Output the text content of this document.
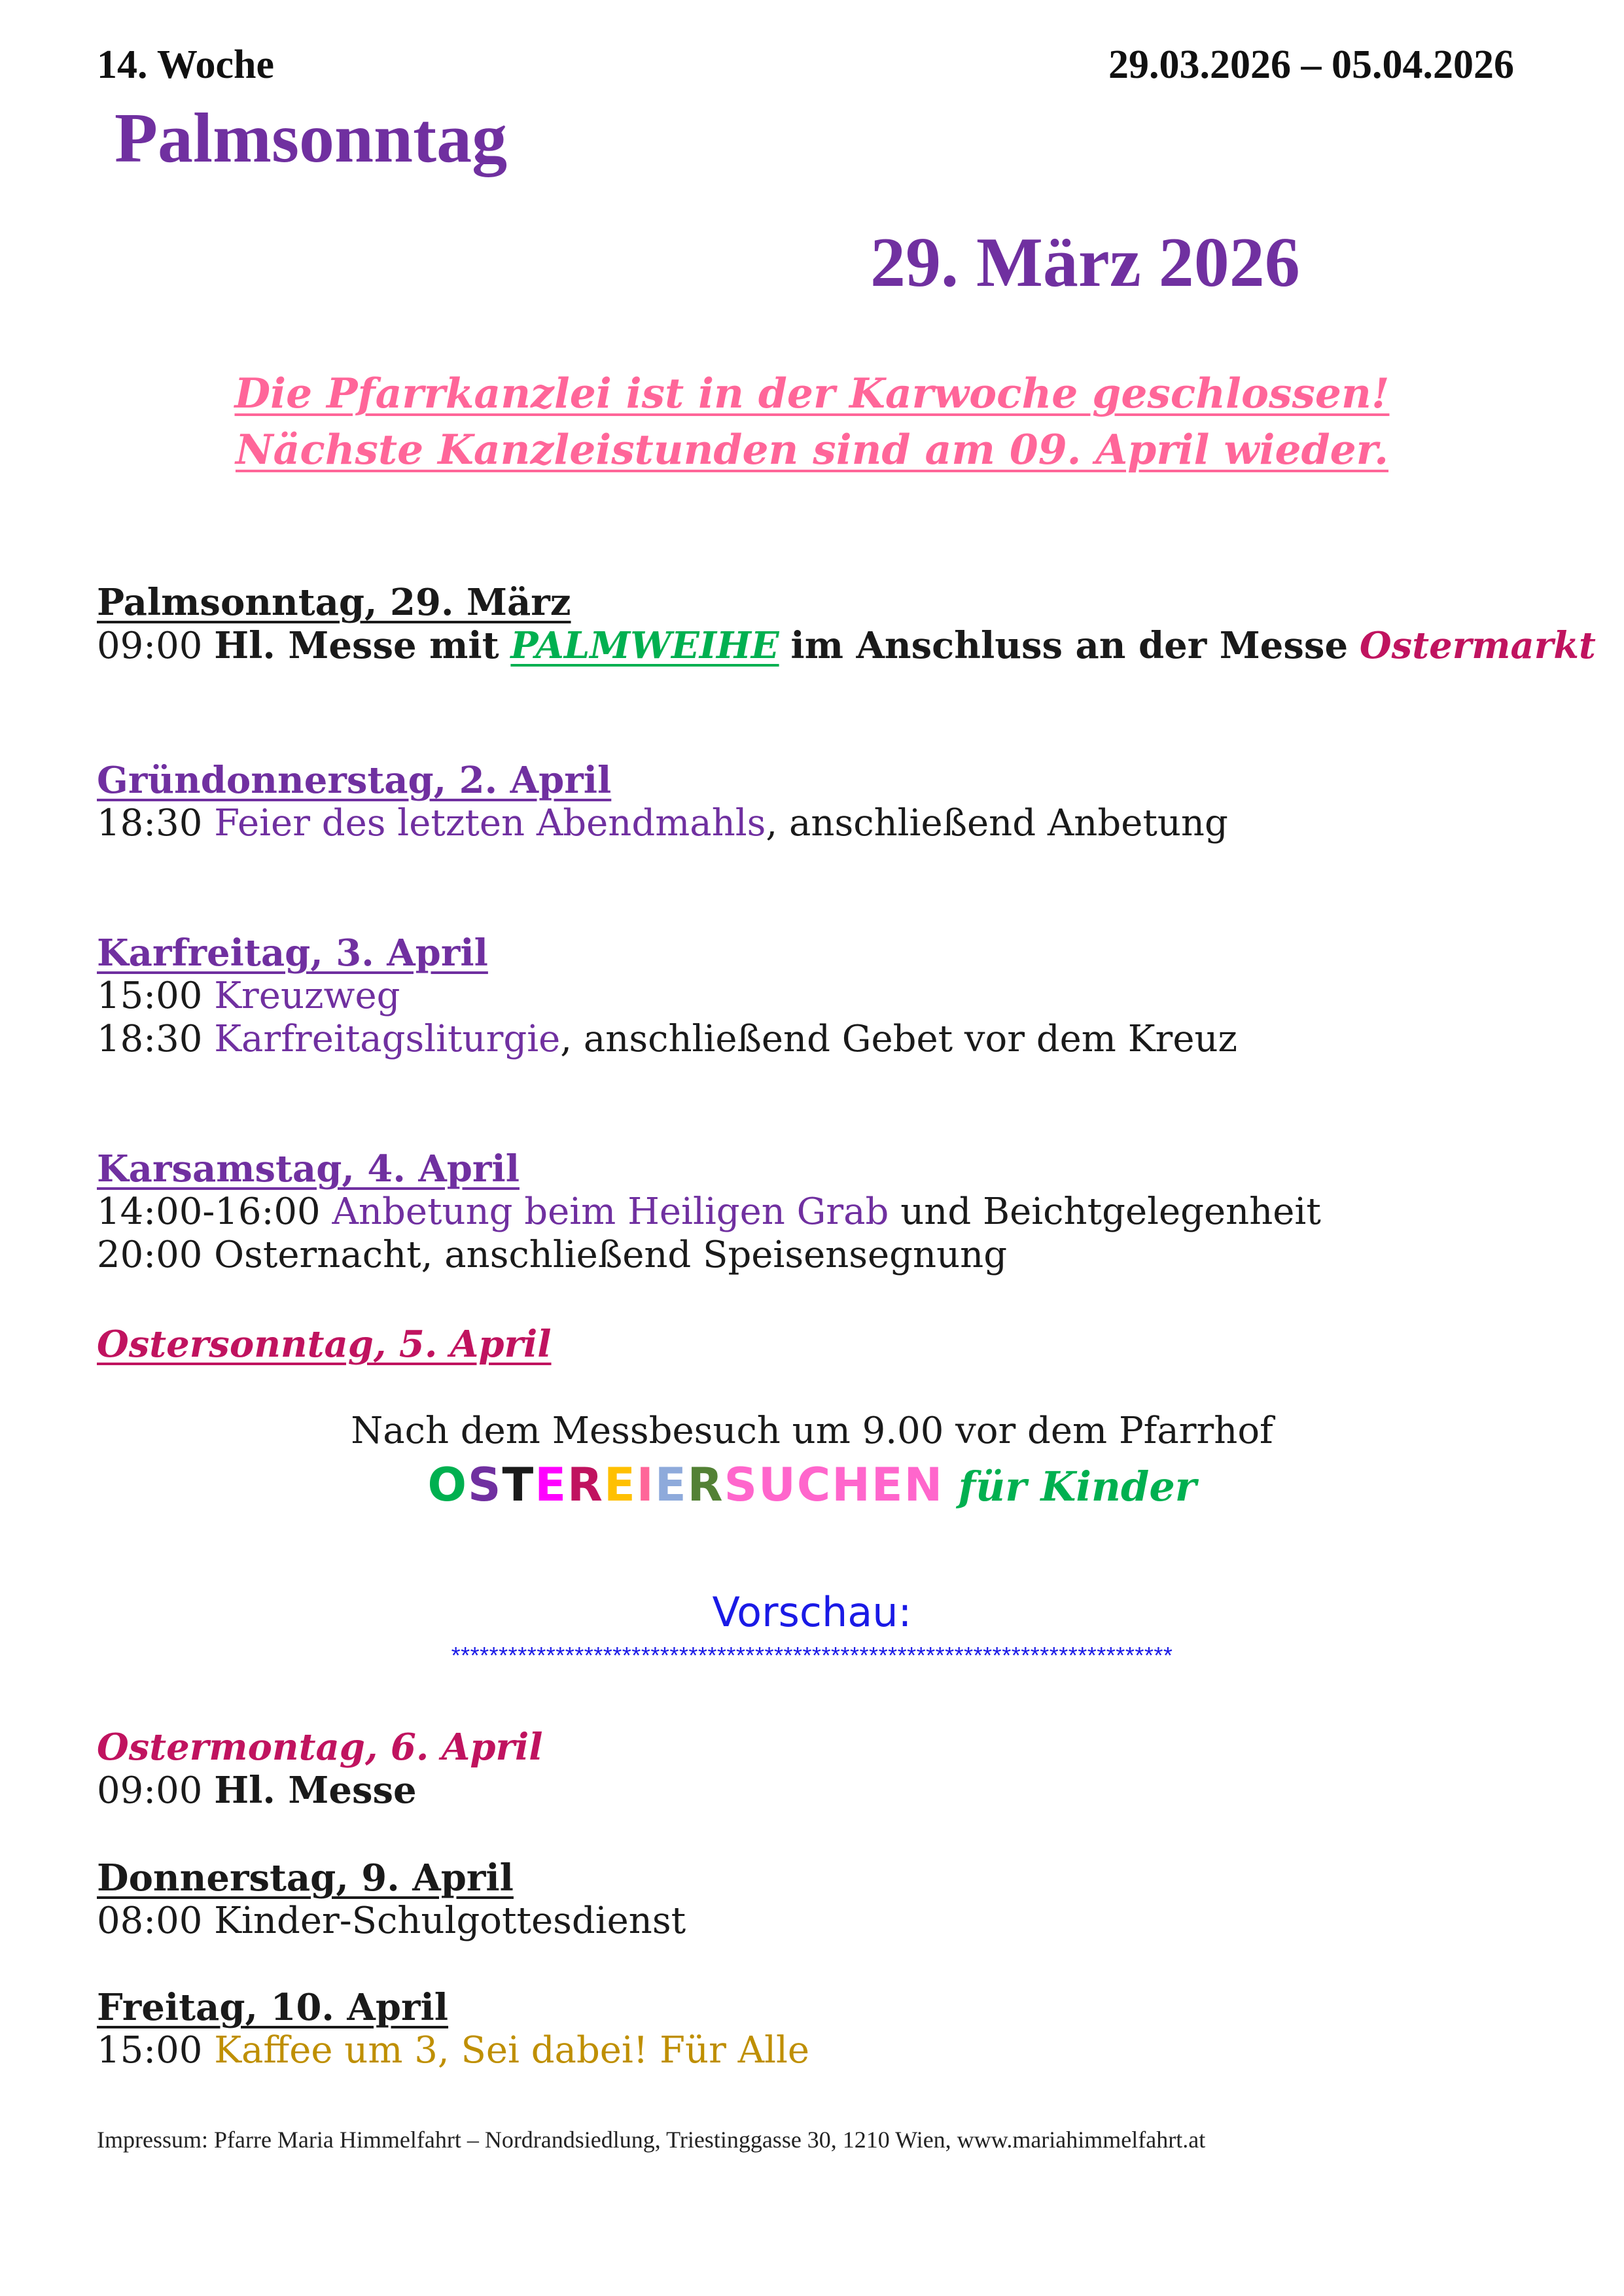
14. Woche	29.03.2026 – 05.04.2026
Palmsonntag
29. März 2026
Die Pfarrkanzlei ist in der Karwoche geschlossen!
Nächste Kanzleistunden sind am 09. April wieder.
Palmsonntag, 29. März
09:00 Hl. Messe mit PALMWEIHE im Anschluss an der Messe Ostermarkt
Gründonnerstag, 2. April
18:30 Feier des letzten Abendmahls, anschließend Anbetung
Karfreitag, 3. April
15:00 Kreuzweg
18:30 Karfreitagsliturgie, anschließend Gebet vor dem Kreuz
Karsamstag, 4. April
14:00-16:00 Anbetung beim Heiligen Grab und Beichtgelegenheit
20:00 Osternacht, anschließend Speisensegnung
Ostersonntag, 5. April
Nach dem Messbesuch um 9.00 vor dem Pfarrhof
OSTEREIERSUCHEN für Kinder
Vorschau:
****************************************************************************
Ostermontag, 6. April
09:00 Hl. Messe
Donnerstag, 9. April
08:00 Kinder-Schulgottesdienst
Freitag, 10. April
15:00 Kaffee um 3, Sei dabei! Für Alle
Impressum: Pfarre Maria Himmelfahrt – Nordrandsiedlung, Triestinggasse 30, 1210 Wien, www.mariahimmelfahrt.at
